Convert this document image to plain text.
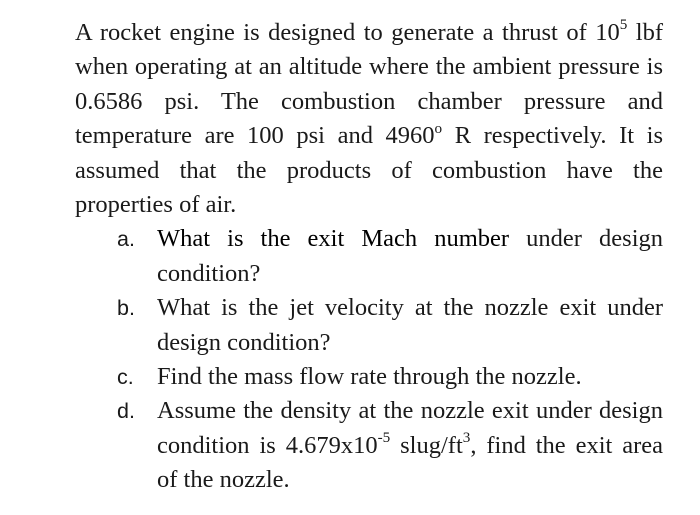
A rocket engine is designed to generate a thrust of $10^5$ lbf when operating at an altitude where the ambient pressure is 0.6586 psi. The combustion chamber pressure and temperature are 100 psi and 4960$^o$ R respectively. It is assumed that the products of combustion have the properties of air.

a. What is the exit Mach number under design condition?
b. What is the jet velocity at the nozzle exit under design condition?
c. Find the mass flow rate through the nozzle.
d. Assume the density at the nozzle exit under design condition is $4.679x10^{-5}$ slug/$ft^3$, find the exit area of the nozzle.
